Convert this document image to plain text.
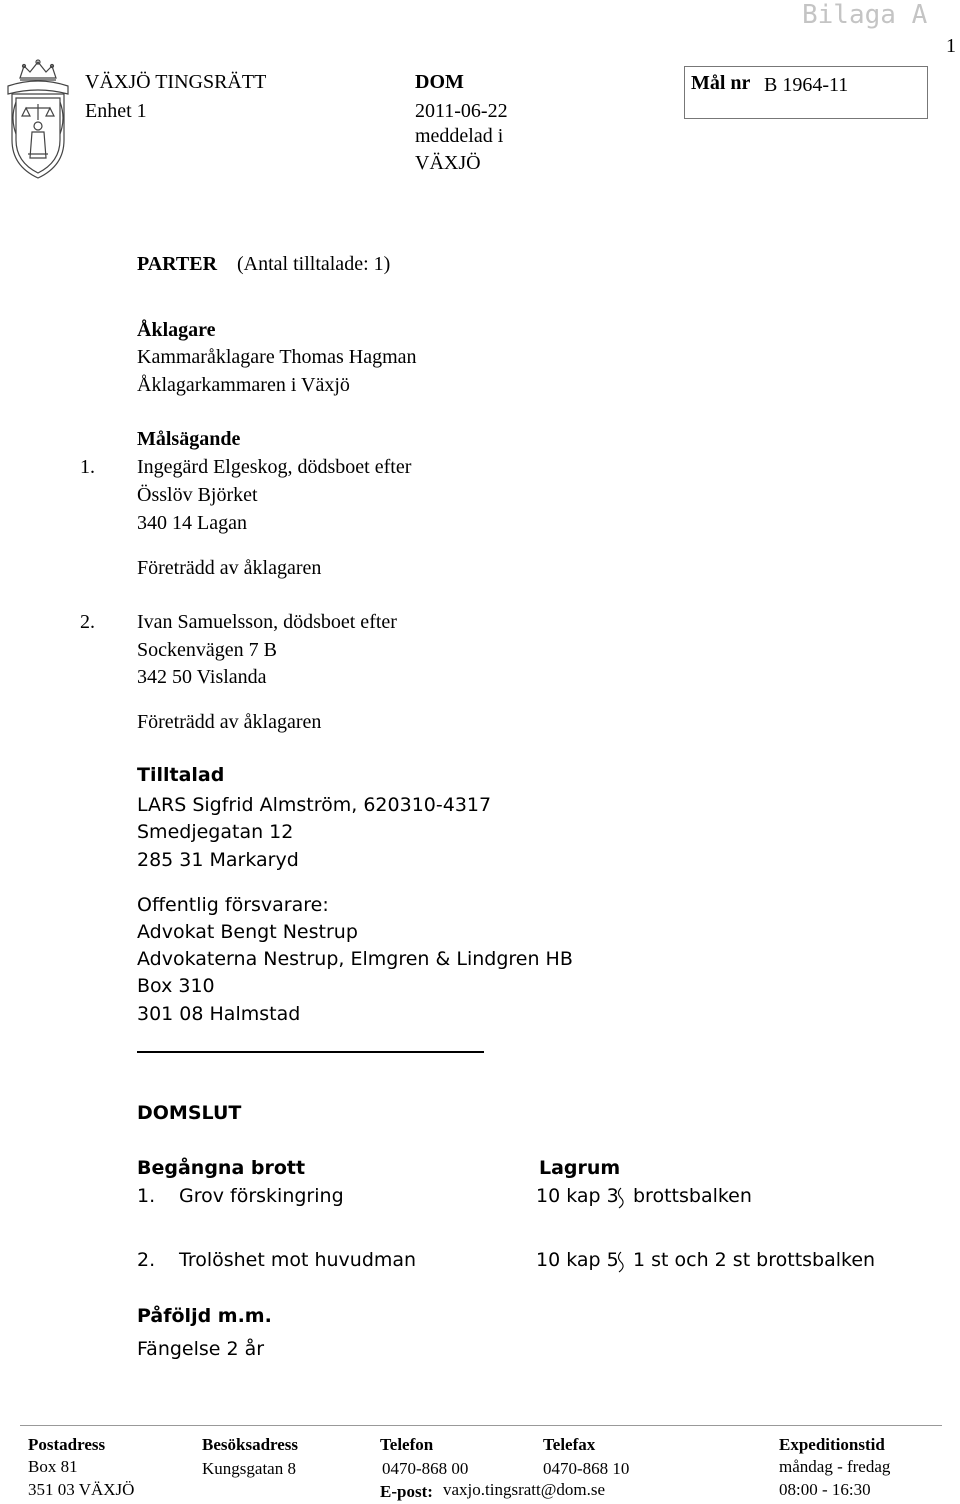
Bilaga A
1
VÄXJÖ TINGSRÄTT
Enhet 1
DOM
2011-06-22
meddelad i
VÄXJÖ
Mål nr B 1964-11
PARTER (Antal tilltalade: 1)
Åklagare
Kammaråklagare Thomas Hagman
Åklagarkammaren i Växjö
Målsägande
1. Ingegärd Elgeskog, dödsboet efter
Össlöv Björket
340 14 Lagan
Företrädd av åklagaren
2. Ivan Samuelsson, dödsboet efter
Sockenvägen 7 B
342 50 Vislanda
Företrädd av åklagaren
Tilltalad
LARS Sigfrid Almström, 620310-4317
Smedjegatan 12
285 31 Markaryd
Offentlig försvarare:
Advokat Bengt Nestrup
Advokaterna Nestrup, Elmgren & Lindgren HB
Box 310
301 08 Halmstad
DOMSLUT
Begångna brott	Lagrum
1. Grov förskingring	10 kap 3 brottsbalken
2. Trolöshet mot huvudman	10 kap 5 1 st och 2 st brottsbalken
Påföljd m.m.
Fängelse 2 år
Postadress
Box 81
351 03 VÄXJÖ
Besöksadress
Kungsgatan 8
Telefon
0470-868 00
E-post: vaxjo.tingsratt@dom.se
Telefax
0470-868 10
Expeditionstid
måndag - fredag
08:00 - 16:30
